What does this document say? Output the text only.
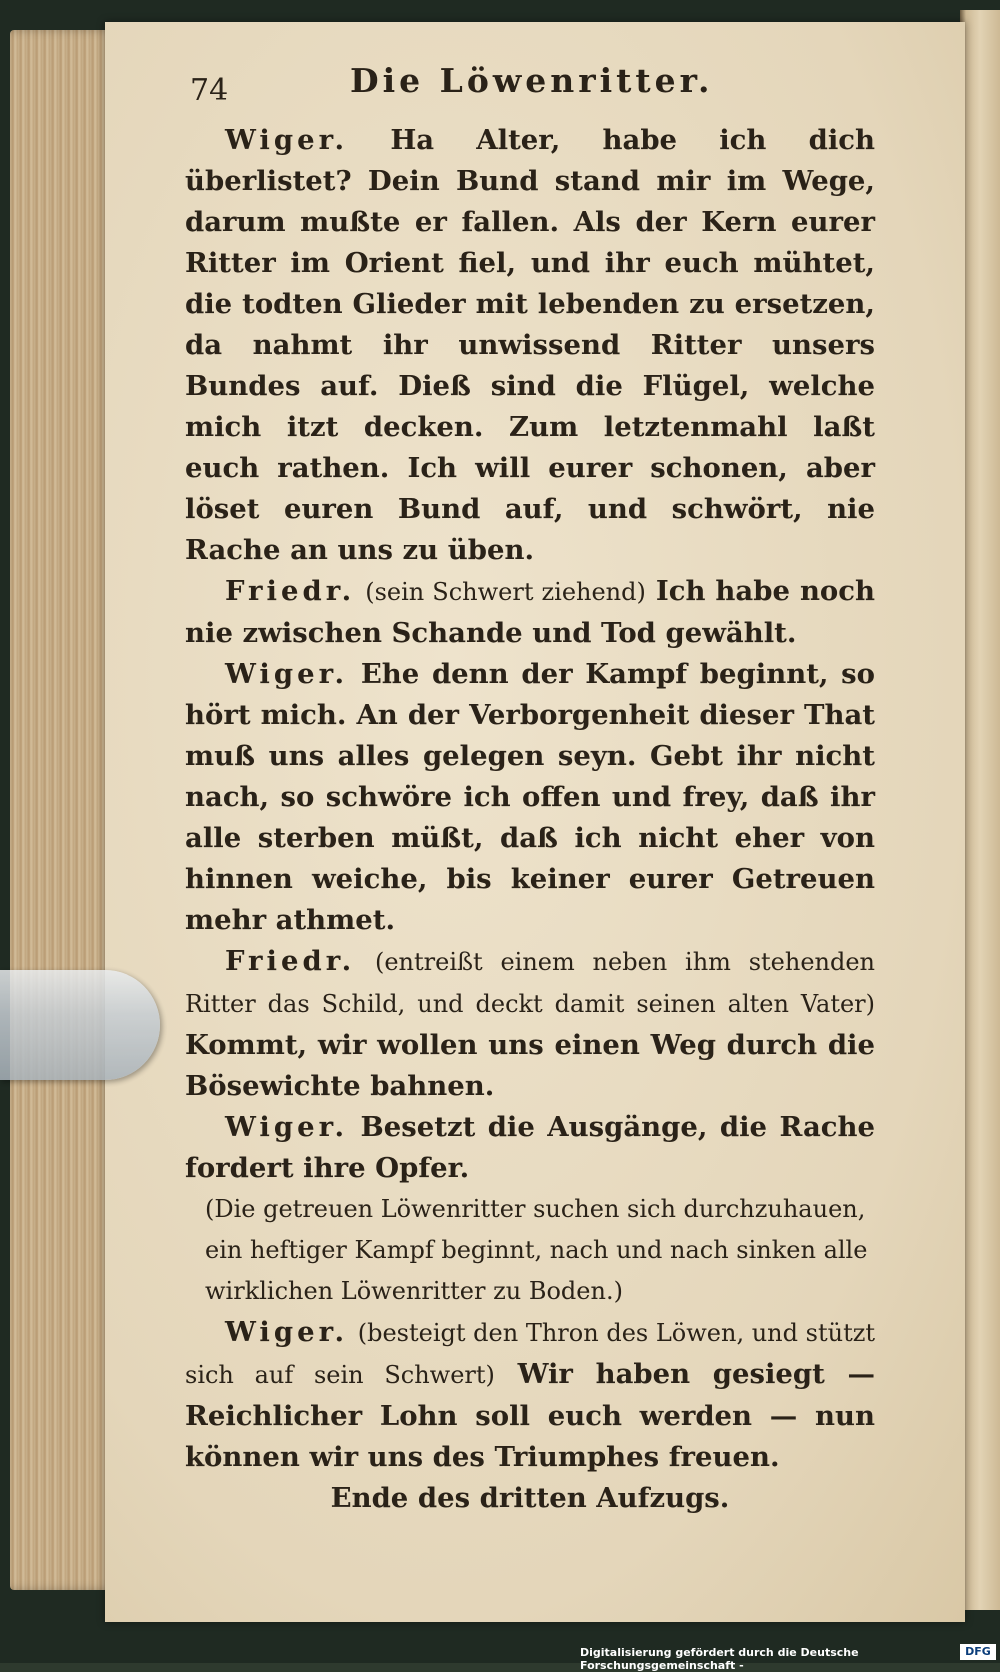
74	Die Löwenritter.

Wiger. Ha Alter, habe ich dich überlistet? Dein Bund stand mir im Wege, darum mußte er fallen. Als der Kern eurer Ritter im Orient fiel, und ihr euch mühtet, die todten Glieder mit lebenden zu ersetzen, da nahmt ihr unwissend Ritter unsers Bundes auf. Dieß sind die Flügel, welche mich itzt decken. Zum letztenmahl laßt euch rathen. Ich will eurer schonen, aber löset euren Bund auf, und schwört, nie Rache an uns zu üben.

Friedr. (sein Schwert ziehend) Ich habe noch nie zwischen Schande und Tod gewählt.

Wiger. Ehe denn der Kampf beginnt, so hört mich. An der Verborgenheit dieser That muß uns alles gelegen seyn. Gebt ihr nicht nach, so schwöre ich offen und frey, daß ihr alle sterben müßt, daß ich nicht eher von hinnen weiche, bis keiner eurer Getreuen mehr athmet.

Friedr. (entreißt einem neben ihm stehenden Ritter das Schild, und deckt damit seinen alten Vater) Kommt, wir wollen uns einen Weg durch die Bösewichte bahnen.

Wiger. Besetzt die Ausgänge, die Rache fordert ihre Opfer.

(Die getreuen Löwenritter suchen sich durchzuhauen, ein heftiger Kampf beginnt, nach und nach sinken alle wirklichen Löwenritter zu Boden.)

Wiger. (besteigt den Thron des Löwen, und stützt sich auf sein Schwert) Wir haben gesiegt — Reichlicher Lohn soll euch werden — nun können wir uns des Triumphes freuen.

Ende des dritten Aufzugs.

Digitalisierung gefördert durch die Deutsche Forschungsgemeinschaft -
DFG
